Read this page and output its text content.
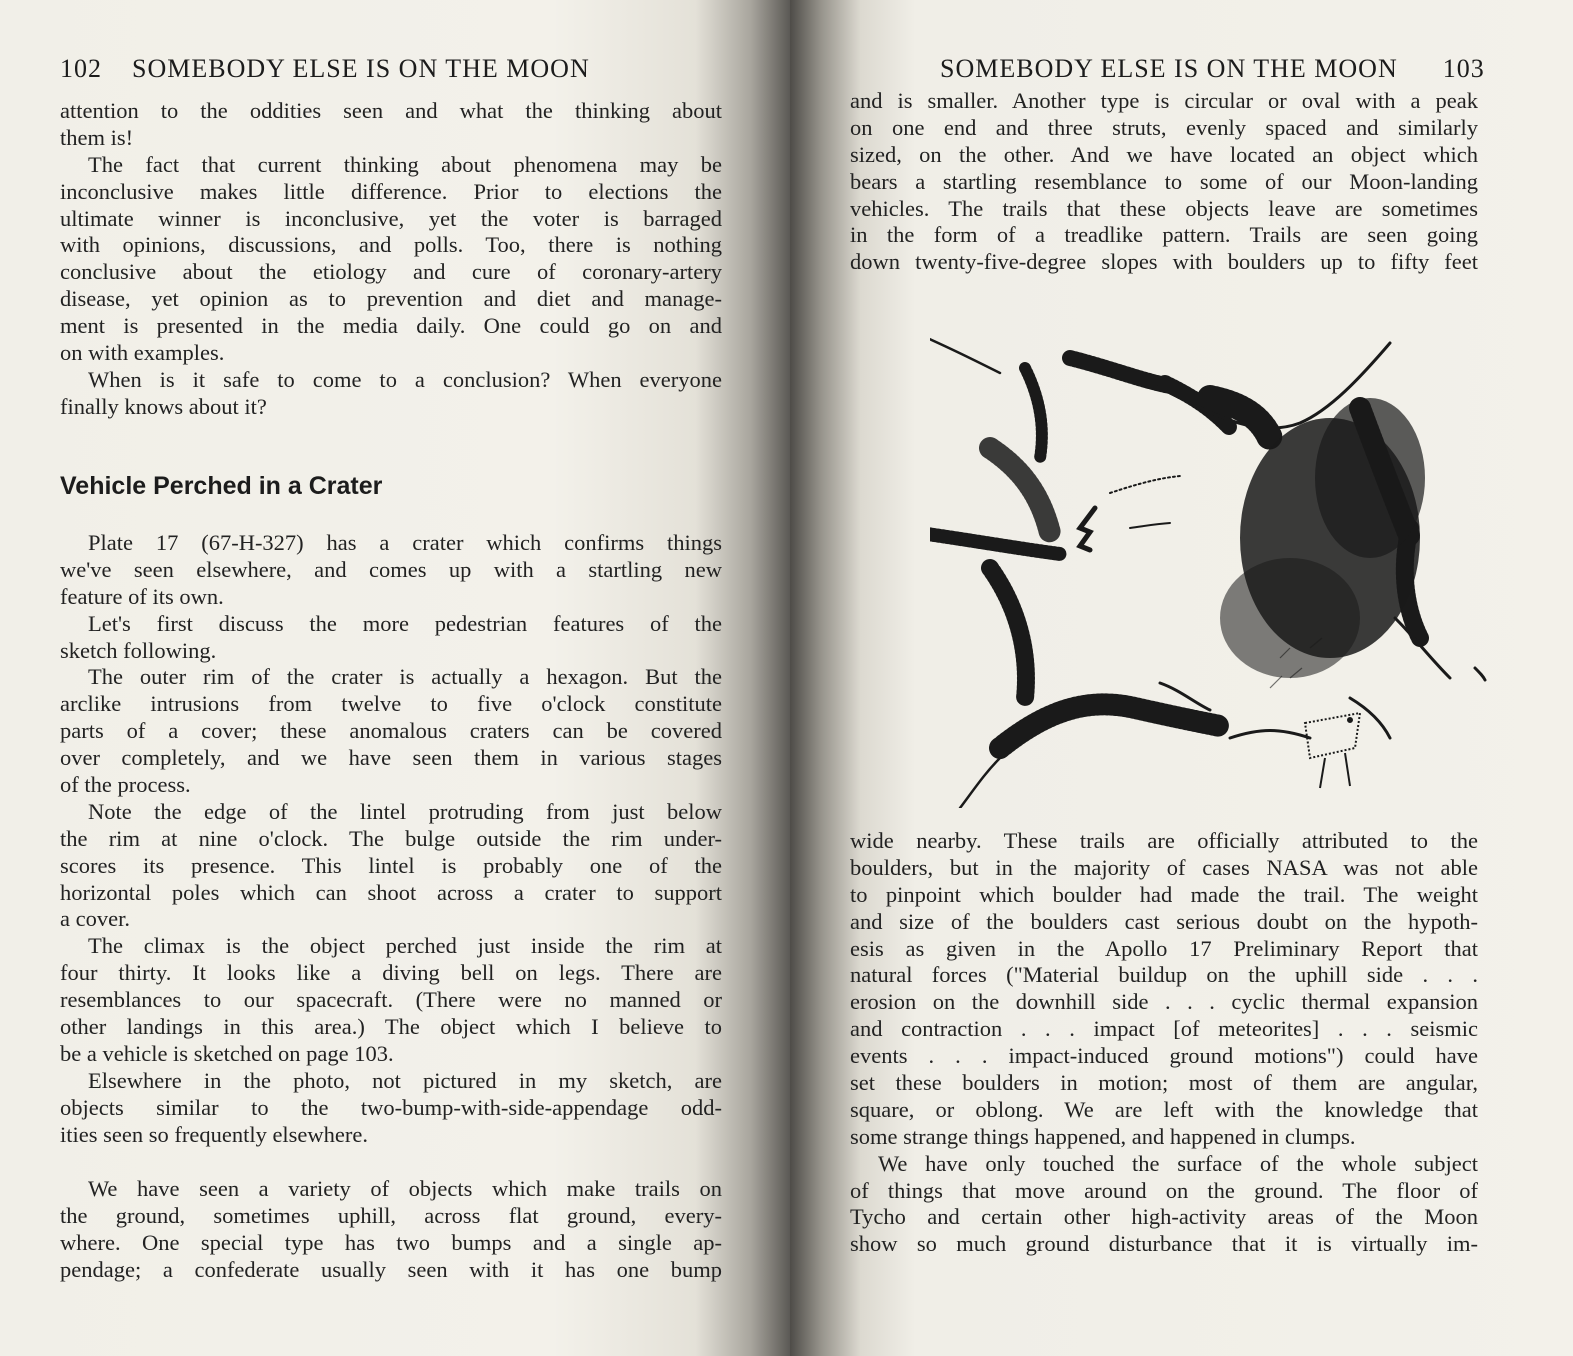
102 SOMEBODY ELSE IS ON THE MOON
attention to the oddities seen and what the thinking about
them is!
The fact that current thinking about phenomena may be
inconclusive makes little difference. Prior to elections the
ultimate winner is inconclusive, yet the voter is barraged
with opinions, discussions, and polls. Too, there is nothing
conclusive about the etiology and cure of coronary-artery
disease, yet opinion as to prevention and diet and manage-
ment is presented in the media daily. One could go on and
on with examples.
When is it safe to come to a conclusion? When everyone
finally knows about it?
Vehicle Perched in a Crater
Plate 17 (67-H-327) has a crater which confirms things
we've seen elsewhere, and comes up with a startling new
feature of its own.
Let's first discuss the more pedestrian features of the
sketch following.
The outer rim of the crater is actually a hexagon. But the
arclike intrusions from twelve to five o'clock constitute
parts of a cover; these anomalous craters can be covered
over completely, and we have seen them in various stages
of the process.
Note the edge of the lintel protruding from just below
the rim at nine o'clock. The bulge outside the rim under-
scores its presence. This lintel is probably one of the
horizontal poles which can shoot across a crater to support
a cover.
The climax is the object perched just inside the rim at
four thirty. It looks like a diving bell on legs. There are
resemblances to our spacecraft. (There were no manned or
other landings in this area.) The object which I believe to
be a vehicle is sketched on page 103.
Elsewhere in the photo, not pictured in my sketch, are
objects similar to the two-bump-with-side-appendage odd-
ities seen so frequently elsewhere.
We have seen a variety of objects which make trails on
the ground, sometimes uphill, across flat ground, every-
where. One special type has two bumps and a single ap-
pendage; a confederate usually seen with it has one bump
SOMEBODY ELSE IS ON THE MOON 103
and is smaller. Another type is circular or oval with a peak
on one end and three struts, evenly spaced and similarly
sized, on the other. And we have located an object which
bears a startling resemblance to some of our Moon-landing
vehicles. The trails that these objects leave are sometimes
in the form of a treadlike pattern. Trails are seen going
down twenty-five-degree slopes with boulders up to fifty feet
wide nearby. These trails are officially attributed to the
boulders, but in the majority of cases NASA was not able
to pinpoint which boulder had made the trail. The weight
and size of the boulders cast serious doubt on the hypoth-
esis as given in the Apollo 17 Preliminary Report that
natural forces ("Material buildup on the uphill side . . .
erosion on the downhill side . . . cyclic thermal expansion
and contraction . . . impact [of meteorites] . . . seismic
events . . . impact-induced ground motions") could have
set these boulders in motion; most of them are angular,
square, or oblong. We are left with the knowledge that
some strange things happened, and happened in clumps.
We have only touched the surface of the whole subject
of things that move around on the ground. The floor of
Tycho and certain other high-activity areas of the Moon
show so much ground disturbance that it is virtually im-
